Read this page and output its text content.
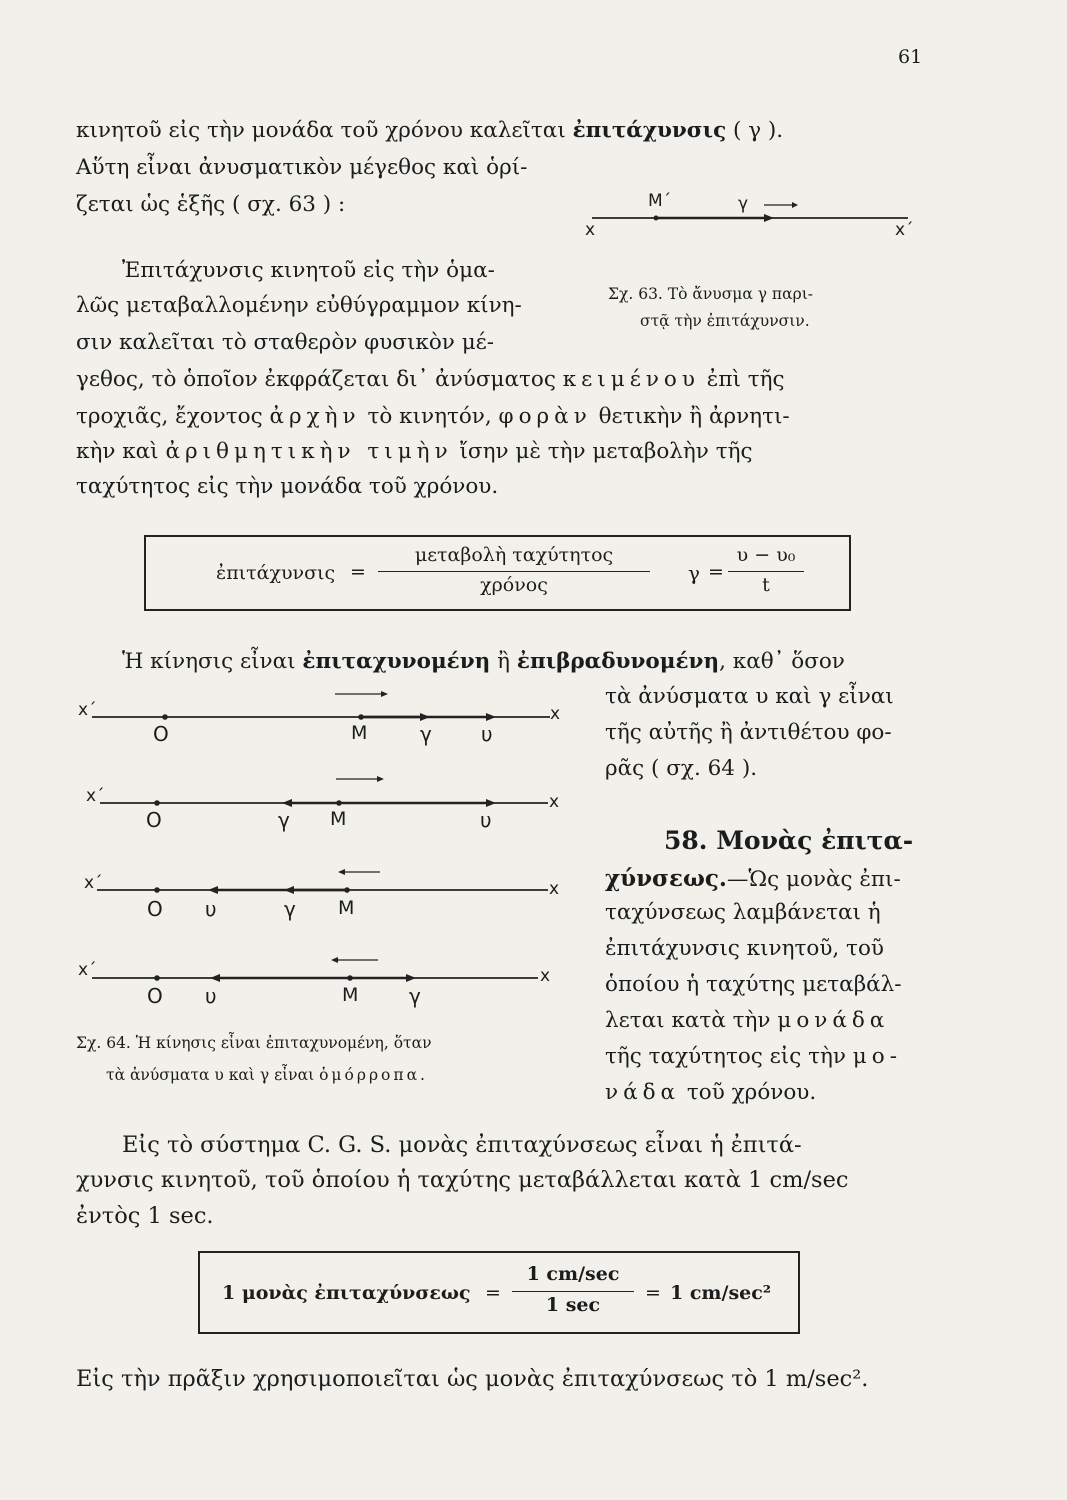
61
κινητοῦ εἰς τὴν μονάδα τοῦ χρόνου καλεῖται ἐπιτάχυνσις ( γ ).
Αὕτη εἶναι ἀνυσματικὸν μέγεθος καὶ ὁρί-
ζεται ὡς ἑξῆς ( σχ. 63 ) :
x
M΄	γ
x΄
Σχ. 63. Τὸ ἄνυσμα γ παρι-
στᾷ τὴν ἐπιτάχυνσιν.
Ἐπιτάχυνσις κινητοῦ εἰς τὴν ὁμα-
λῶς μεταβαλλομένην εὐθύγραμμον κίνη-
σιν καλεῖται τὸ σταθερὸν φυσικὸν μέ-
γεθος, τὸ ὁποῖον ἐκφράζεται δι᾿ ἀνύσματος κειμένου ἐπὶ τῆς
τροχιᾶς, ἔχοντος ἀρχὴν τὸ κινητόν, φορὰν θετικὴν ἢ ἀρνητι-
κὴν καὶ ἀριθμητικὴν τιμὴν ἴσην μὲ τὴν μεταβολὴν τῆς
ταχύτητος εἰς τὴν μονάδα τοῦ χρόνου.
ἐπιτάχυνσις =
μεταβολὴ ταχύτητος
χρόνος	γ =
υ − υ₀
t
Ἡ κίνησις εἶναι ἐπιταχυνομένη ἢ ἐπιβραδυνομένη, καθ᾿ ὅσον
τὰ ἀνύσματα υ καὶ γ εἶναι
τῆς αὐτῆς ἢ ἀντιθέτου φο-
ρᾶς ( σχ. 64 ).
x΄
O	M	γ υ
x
x΄
O	γ M	υ
x
x΄
O υ	γ M
x
x΄
O υ	M	γ
x
Σχ. 64. Ἡ κίνησις εἶναι ἐπιταχυνομένη, ὅταν
τὰ ἀνύσματα υ καὶ γ εἶναι ὁμόρροπα.
58. Μονὰς ἐπιτα-
χύνσεως.—Ὡς μονὰς ἐπι-
ταχύνσεως λαμβάνεται ἡ
ἐπιτάχυνσις κινητοῦ, τοῦ
ὁποίου ἡ ταχύτης μεταβάλ-
λεται κατὰ τὴν μονάδα
τῆς ταχύτητος εἰς τὴν μο-
νάδα τοῦ χρόνου.
Εἰς τὸ σύστημα C. G. S. μονὰς ἐπιταχύνσεως εἶναι ἡ ἐπιτά-
χυνσις κινητοῦ, τοῦ ὁποίου ἡ ταχύτης μεταβάλλεται κατὰ 1 cm/sec
ἐντὸς 1 sec.
1 μονὰς ἐπιταχύνσεως =
1 cm/sec
1 sec
= 1 cm/sec²
Εἰς τὴν πρᾶξιν χρησιμοποιεῖται ὡς μονὰς ἐπιταχύνσεως τὸ 1 m/sec².
